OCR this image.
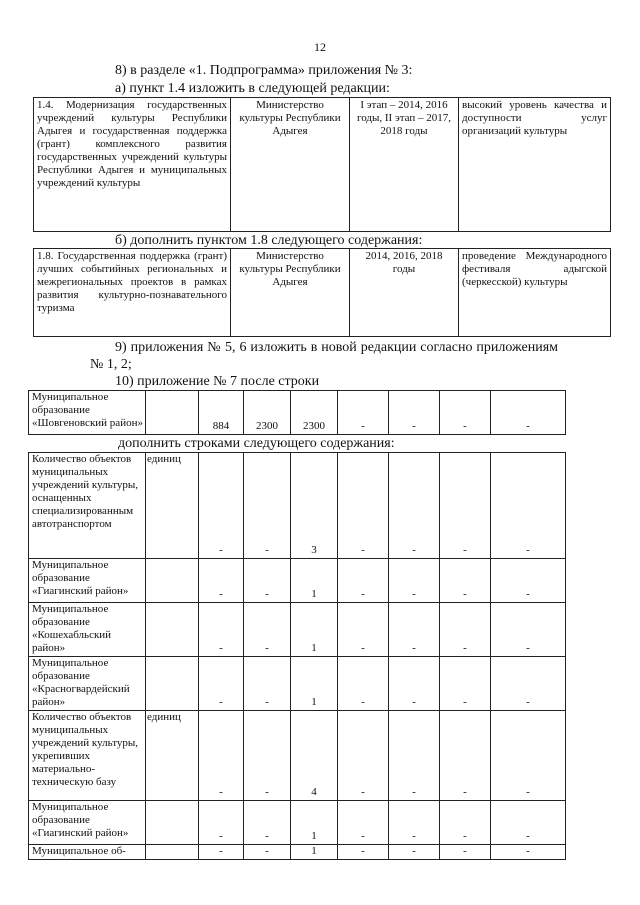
12
8) в разделе «1. Подпрограмма» приложения № 3:
а) пункт 1.4 изложить в следующей редакции:
1.4. Модернизация государственных учреждений культуры Республики Адыгея и государственная поддержка (грант) комплексного развития государственных учреждений культуры Республики Адыгея и муниципальных учреждений культуры	Министерство культуры Республики Адыгея	I этап – 2014, 2016 годы, II этап – 2017, 2018 годы	высокий уровень качества и доступности услуг организаций культуры
б) дополнить пунктом 1.8 следующего содержания:
1.8. Государственная поддержка (грант) лучших событийных региональных и межрегиональных проектов в рамках развития культурно-познавательного туризма	Министерство культуры Республики Адыгея	2014, 2016, 2018 годы	проведение Международного фестиваля адыгской (черкесской) культуры
9) приложения № 5, 6 изложить в новой редакции согласно приложениям № 1, 2;
10) приложение № 7 после строки
Муниципальное образование «Шовгеновский район»		884	2300	2300	-	-	-	-
дополнить строками следующего содержания:
Количество объектов муниципальных учреждений культуры, оснащенных специализированным автотранспортом	единиц	-	-	3	-	-	-	-
Муниципальное образование «Гиагинский район»		-	-	1	-	-	-	-
Муниципальное образование «Кошехабльский район»		-	-	1	-	-	-	-
Муниципальное образование «Красногвардейский район»		-	-	1	-	-	-	-
Количество объектов муниципальных учреждений культуры, укрепивших материально-техническую базу	единиц	-	-	4	-	-	-	-
Муниципальное образование «Гиагинский район»		-	-	1	-	-	-	-
Муниципальное об-		-	-	1	-	-	-	-
